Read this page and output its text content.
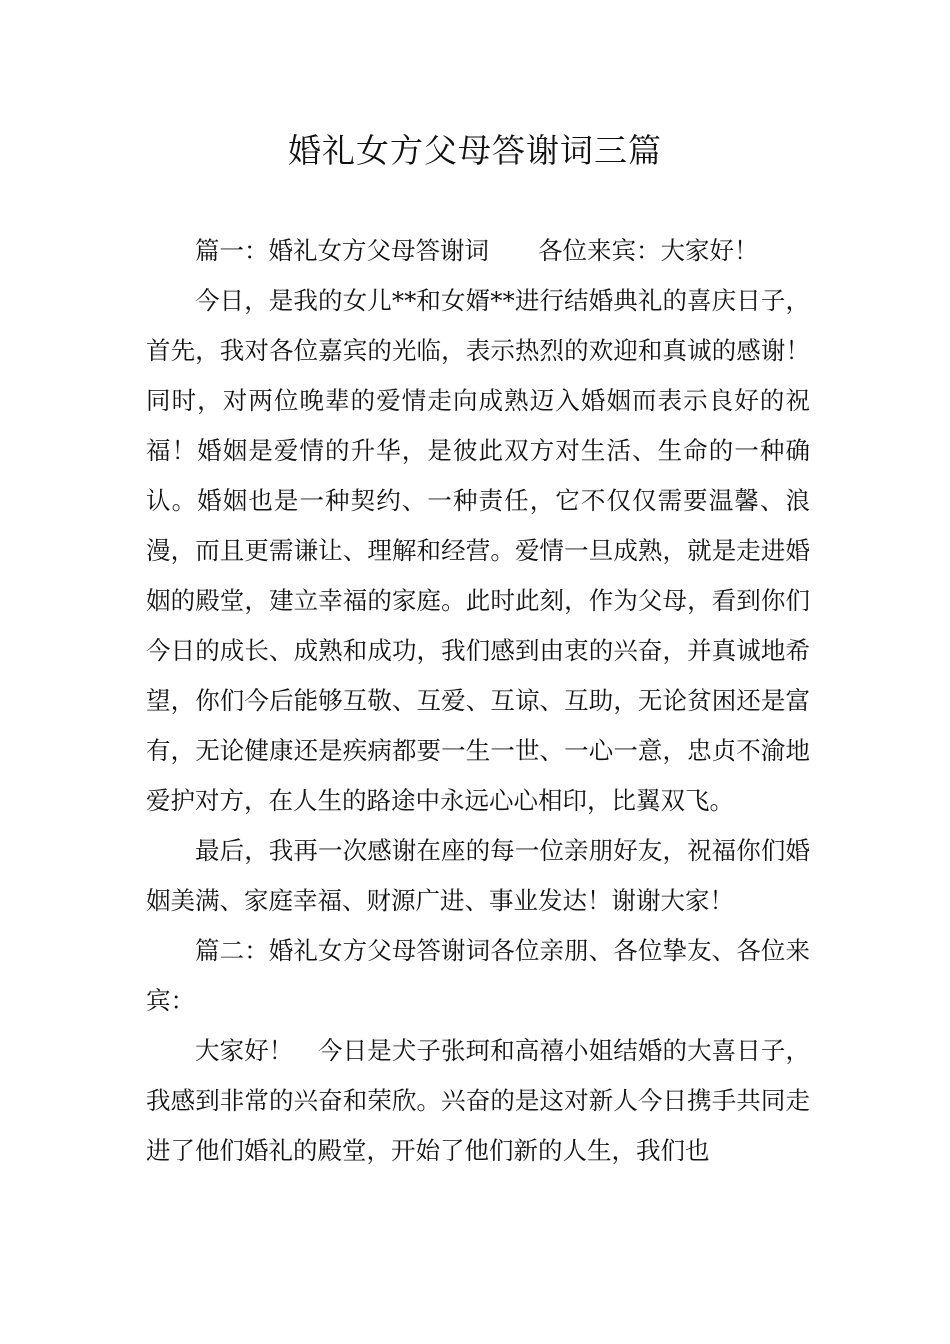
婚礼女方父母答谢词三篇

篇一：婚礼女方父母答谢词　　各位来宾：大家好！

今日，是我的女儿**和女婿**进行结婚典礼的喜庆日子，首先，我对各位嘉宾的光临，表示热烈的欢迎和真诚的感谢！同时，对两位晚辈的爱情走向成熟迈入婚姻而表示良好的祝福！婚姻是爱情的升华，是彼此双方对生活、生命的一种确认。婚姻也是一种契约、一种责任，它不仅仅需要温馨、浪漫，而且更需谦让、理解和经营。爱情一旦成熟，就是走进婚姻的殿堂，建立幸福的家庭。此时此刻，作为父母，看到你们今日的成长、成熟和成功，我们感到由衷的兴奋，并真诚地希望，你们今后能够互敬、互爱、互谅、互助，无论贫困还是富有，无论健康还是疾病都要一生一世、一心一意，忠贞不渝地爱护对方，在人生的路途中永远心心相印，比翼双飞。

最后，我再一次感谢在座的每一位亲朋好友，祝福你们婚姻美满、家庭幸福、财源广进、事业发达！谢谢大家！

篇二：婚礼女方父母答谢词各位亲朋、各位挚友、各位来宾：

大家好！　今日是犬子张珂和高禧小姐结婚的大喜日子，我感到非常的兴奋和荣欣。兴奋的是这对新人今日携手共同走进了他们婚礼的殿堂，开始了他们新的人生，我们也
